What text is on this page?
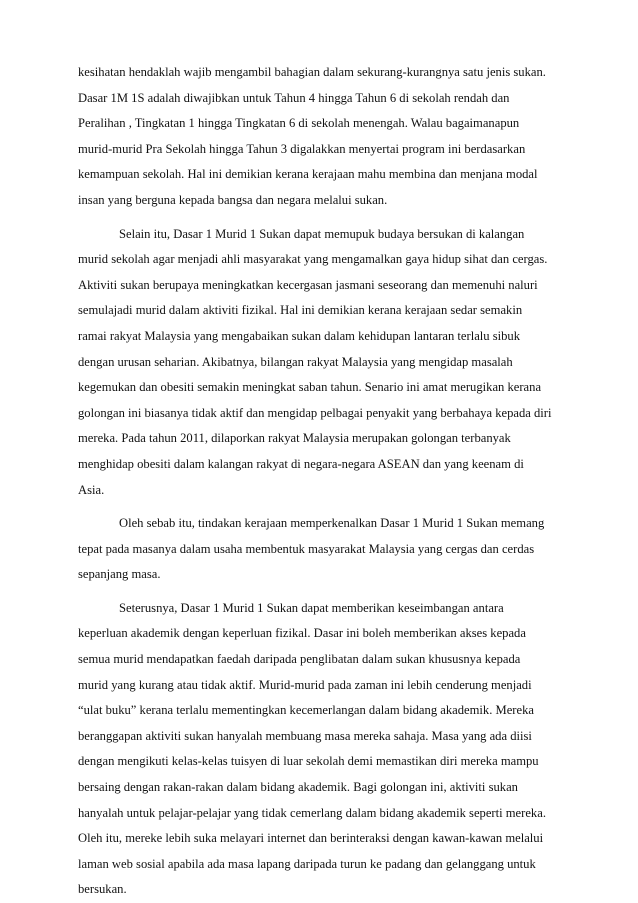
kesihatan hendaklah wajib mengambil bahagian dalam sekurang-kurangnya satu jenis sukan.
Dasar 1M 1S adalah diwajibkan untuk Tahun 4 hingga Tahun 6 di sekolah rendah dan
Peralihan , Tingkatan 1 hingga Tingkatan 6 di sekolah menengah. Walau bagaimanapun
murid-murid Pra Sekolah hingga Tahun 3 digalakkan menyertai program ini berdasarkan
kemampuan sekolah. Hal ini demikian kerana kerajaan mahu membina dan menjana modal
insan yang berguna kepada bangsa dan negara melalui sukan.
Selain itu, Dasar 1 Murid 1 Sukan dapat memupuk budaya bersukan di kalangan
murid sekolah agar menjadi ahli masyarakat yang mengamalkan gaya hidup sihat dan cergas.
Aktiviti sukan berupaya meningkatkan kecergasan jasmani seseorang dan memenuhi naluri
semulajadi murid dalam aktiviti fizikal. Hal ini demikian kerana kerajaan sedar semakin
ramai rakyat Malaysia yang mengabaikan sukan dalam kehidupan lantaran terlalu sibuk
dengan urusan seharian. Akibatnya, bilangan rakyat Malaysia yang mengidap masalah
kegemukan dan obesiti semakin meningkat saban tahun. Senario ini amat merugikan kerana
golongan ini biasanya tidak aktif dan mengidap pelbagai penyakit yang berbahaya kepada diri
mereka. Pada tahun 2011, dilaporkan rakyat Malaysia merupakan golongan terbanyak
menghidap obesiti dalam kalangan rakyat di negara-negara ASEAN dan yang keenam di
Asia.
Oleh sebab itu, tindakan kerajaan memperkenalkan Dasar 1 Murid 1 Sukan memang
tepat pada masanya dalam usaha membentuk masyarakat Malaysia yang cergas dan cerdas
sepanjang masa.
Seterusnya, Dasar 1 Murid 1 Sukan dapat memberikan keseimbangan antara
keperluan akademik dengan keperluan fizikal. Dasar ini boleh memberikan akses kepada
semua murid mendapatkan faedah daripada penglibatan dalam sukan khususnya kepada
murid yang kurang atau tidak aktif. Murid-murid pada zaman ini lebih cenderung menjadi
“ulat buku” kerana terlalu mementingkan kecemerlangan dalam bidang akademik. Mereka
beranggapan aktiviti sukan hanyalah membuang masa mereka sahaja. Masa yang ada diisi
dengan mengikuti kelas-kelas tuisyen di luar sekolah demi memastikan diri mereka mampu
bersaing dengan rakan-rakan dalam bidang akademik. Bagi golongan ini, aktiviti sukan
hanyalah untuk pelajar-pelajar yang tidak cemerlang dalam bidang akademik seperti mereka.
Oleh itu, mereke lebih suka melayari internet dan berinteraksi dengan kawan-kawan melalui
laman web sosial apabila ada masa lapang daripada turun ke padang dan gelanggang untuk
bersukan.
